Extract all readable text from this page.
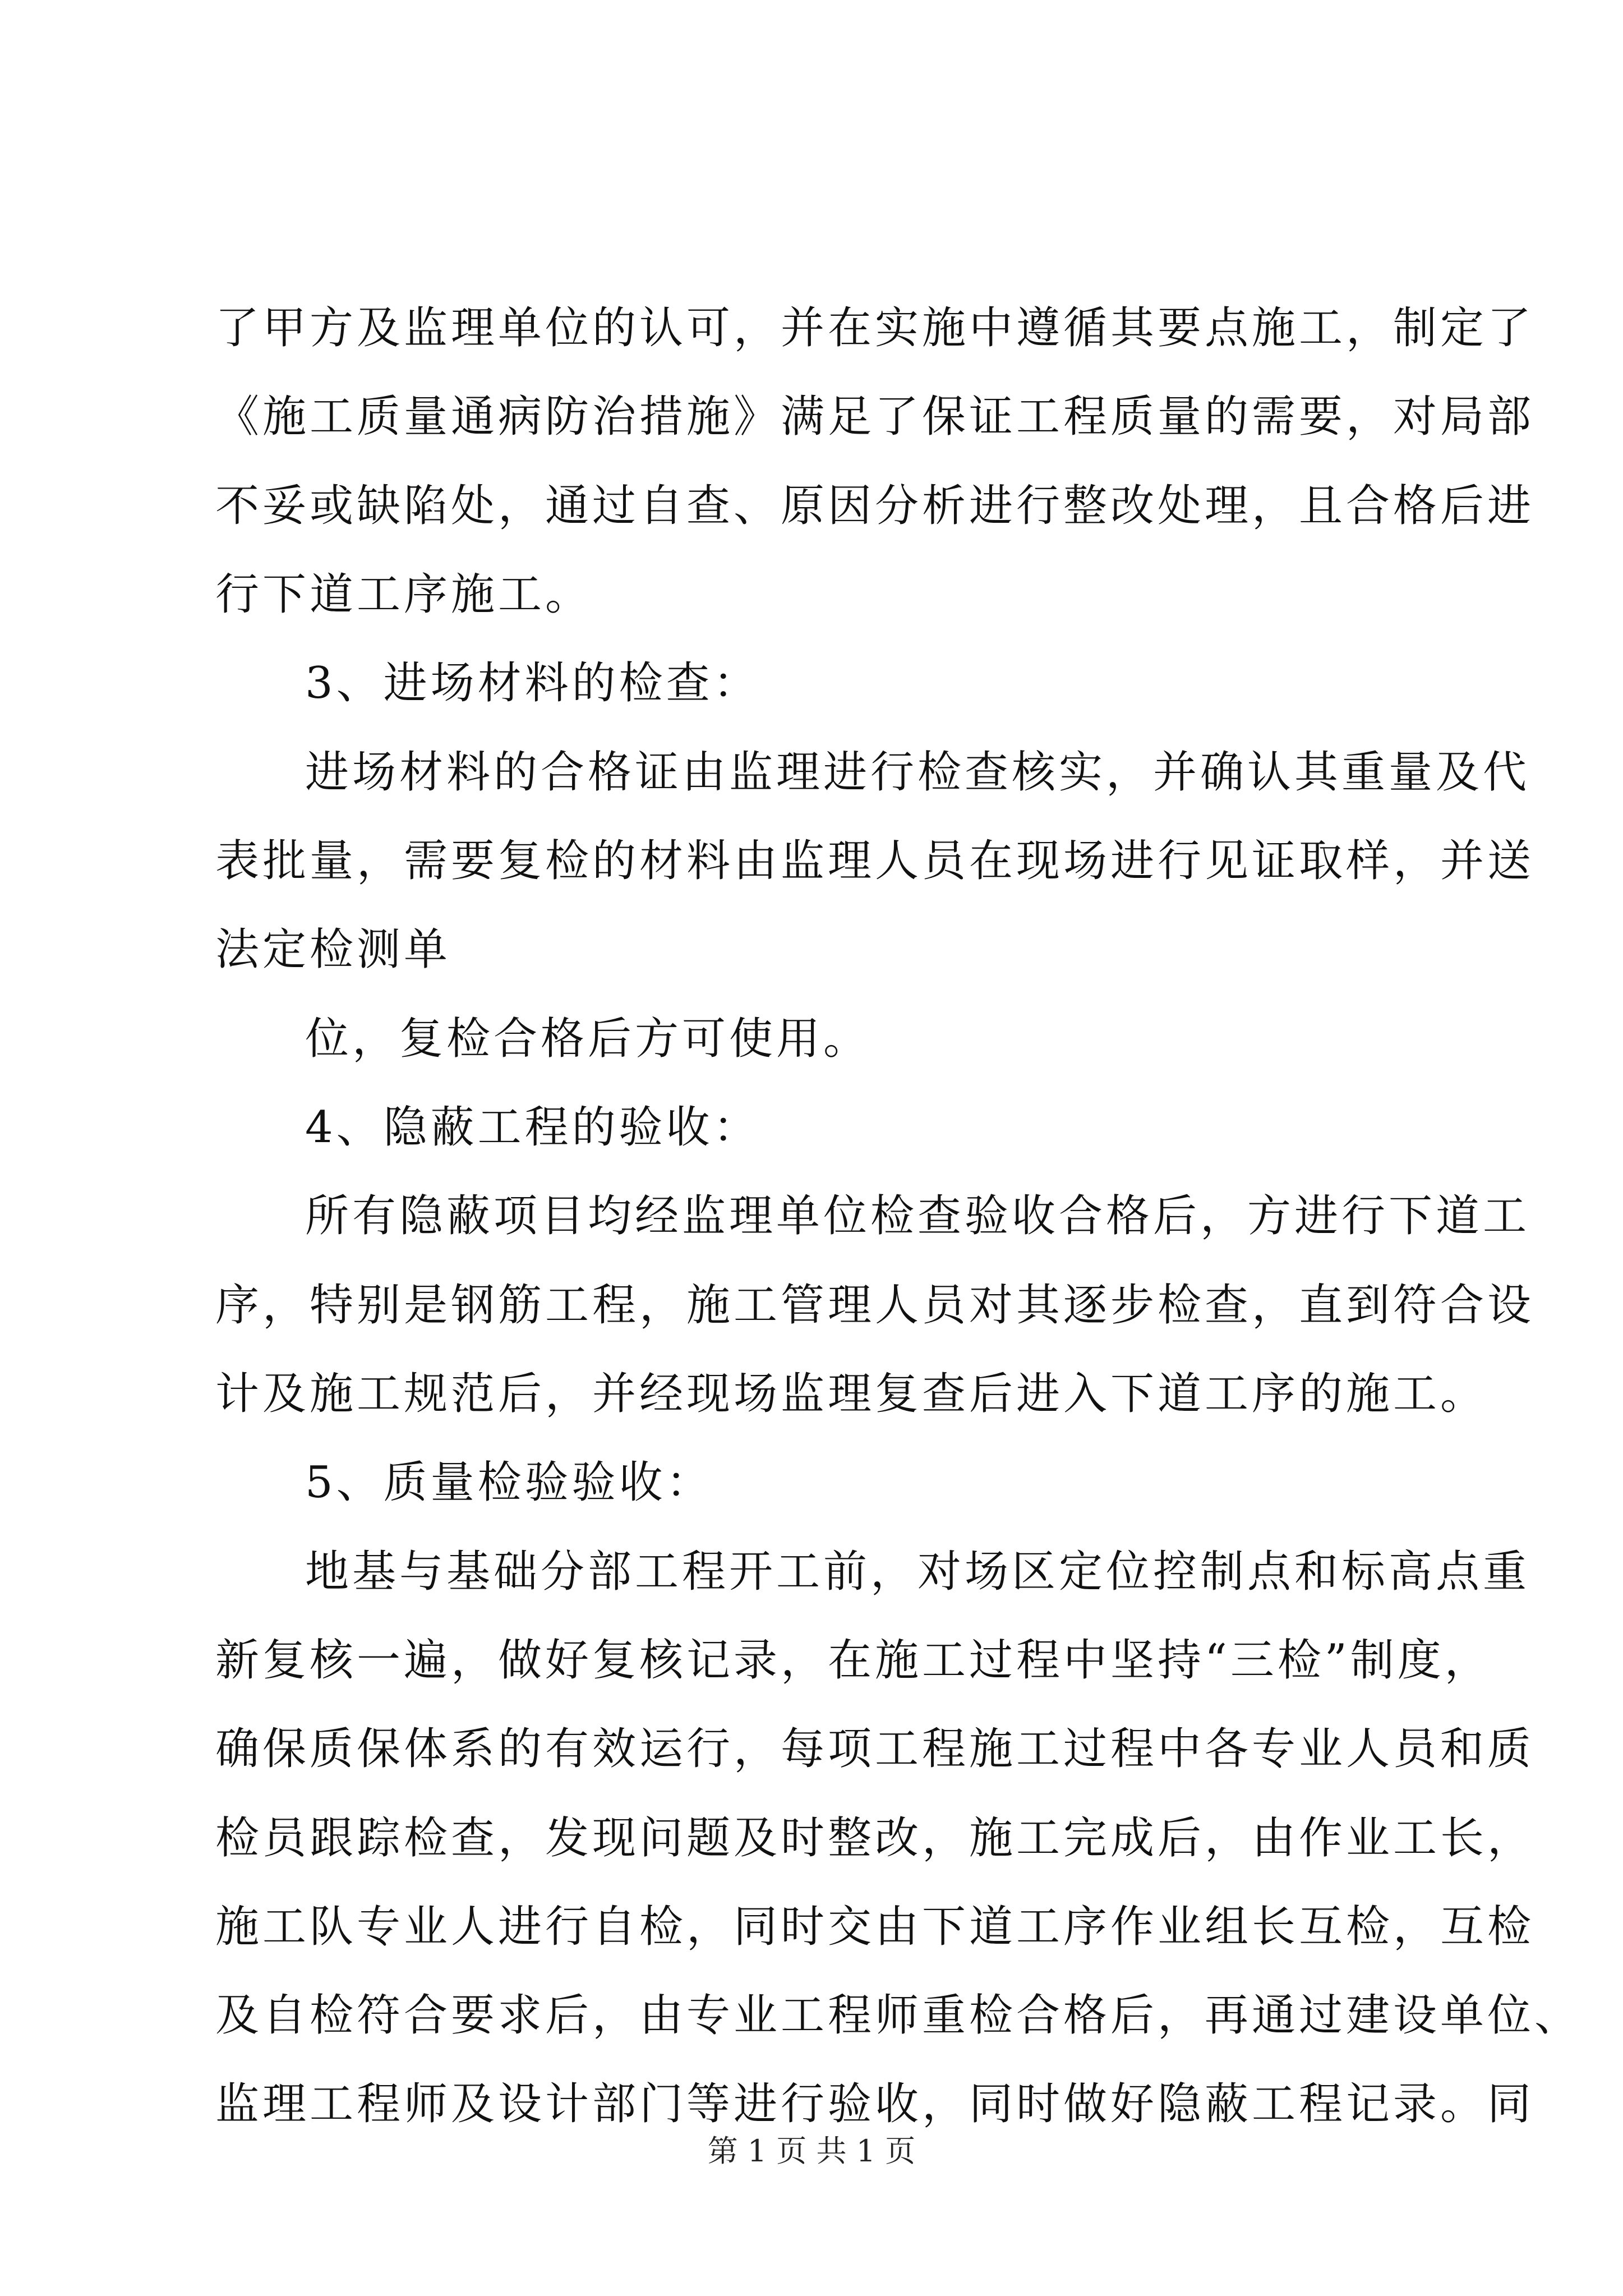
了甲方及监理单位的认可，并在实施中遵循其要点施工，制定了
《施工质量通病防治措施》满足了保证工程质量的需要，对局部
不妥或缺陷处，通过自查、原因分析进行整改处理，且合格后进
行下道工序施工。
3、进场材料的检查：
进场材料的合格证由监理进行检查核实，并确认其重量及代
表批量，需要复检的材料由监理人员在现场进行见证取样，并送
法定检测单
位，复检合格后方可使用。
4、隐蔽工程的验收：
所有隐蔽项目均经监理单位检查验收合格后，方进行下道工
序，特别是钢筋工程，施工管理人员对其逐步检查，直到符合设
计及施工规范后，并经现场监理复查后进入下道工序的施工。
5、质量检验验收：
地基与基础分部工程开工前，对场区定位控制点和标高点重
新复核一遍，做好复核记录，在施工过程中坚持“三检”制度，
确保质保体系的有效运行，每项工程施工过程中各专业人员和质
检员跟踪检查，发现问题及时整改，施工完成后，由作业工长，
施工队专业人进行自检，同时交由下道工序作业组长互检，互检
及自检符合要求后，由专业工程师重检合格后，再通过建设单位、
监理工程师及设计部门等进行验收，同时做好隐蔽工程记录。同
第 1 页 共 1 页
